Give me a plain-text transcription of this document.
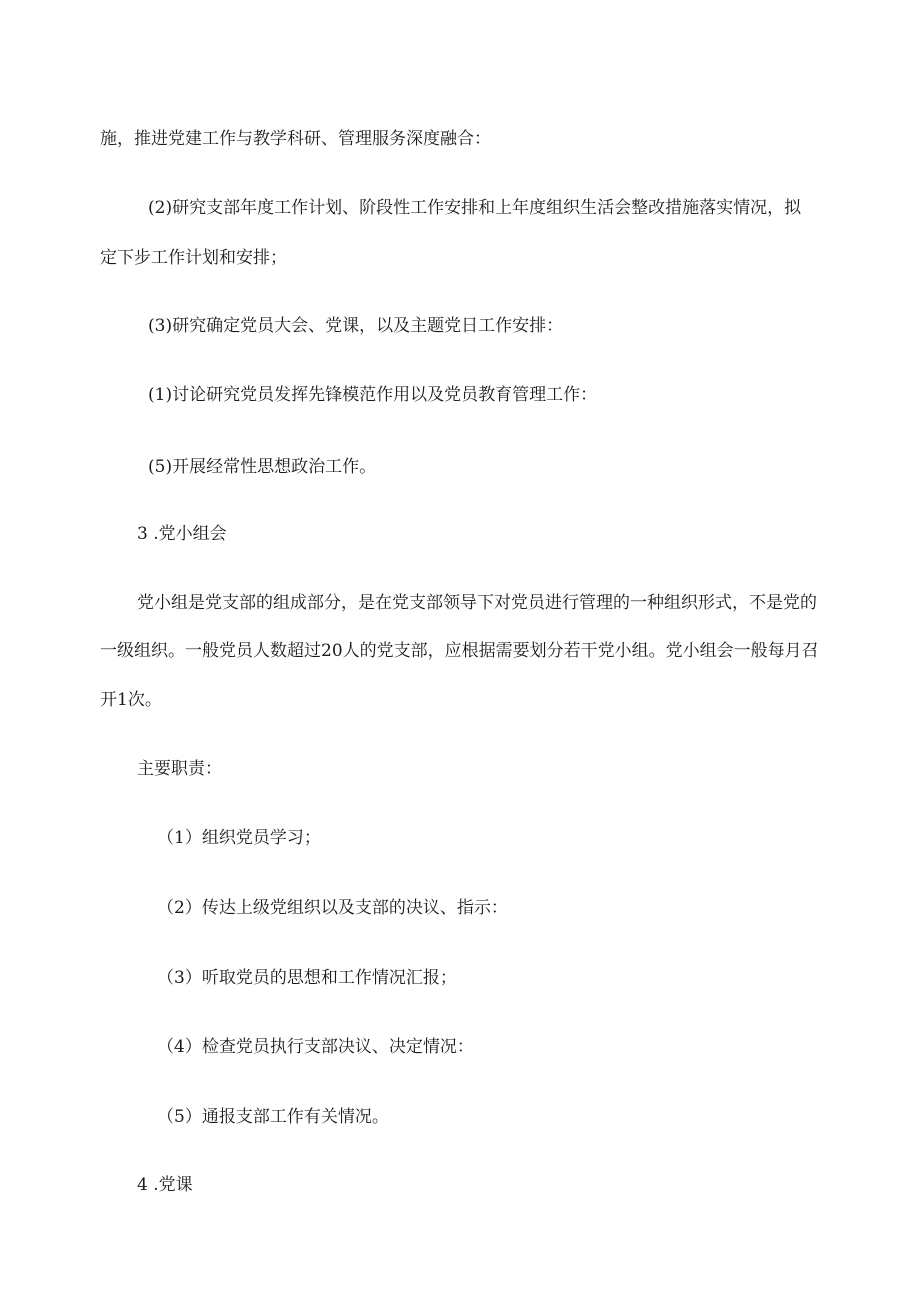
施，推进党建工作与教学科研、管理服务深度融合：
(2)研究支部年度工作计划、阶段性工作安排和上年度组织生活会整改措施落实情况，拟
定下步工作计划和安排；
(3)研究确定党员大会、党课，以及主题党日工作安排：
(1)讨论研究党员发挥先锋模范作用以及党员教育管理工作：
(5)开展经常性思想政治工作。
3 .党小组会
党小组是党支部的组成部分，是在党支部领导下对党员进行管理的一种组织形式，不是党的
一级组织。一般党员人数超过20人的党支部，应根据需要划分若干党小组。党小组会一般每月召
开1次。
主要职责：
（1）组织党员学习；
（2）传达上级党组织以及支部的决议、指示：
（3）听取党员的思想和工作情况汇报；
（4）检查党员执行支部决议、决定情况：
（5）通报支部工作有关情况。
4 .党课
